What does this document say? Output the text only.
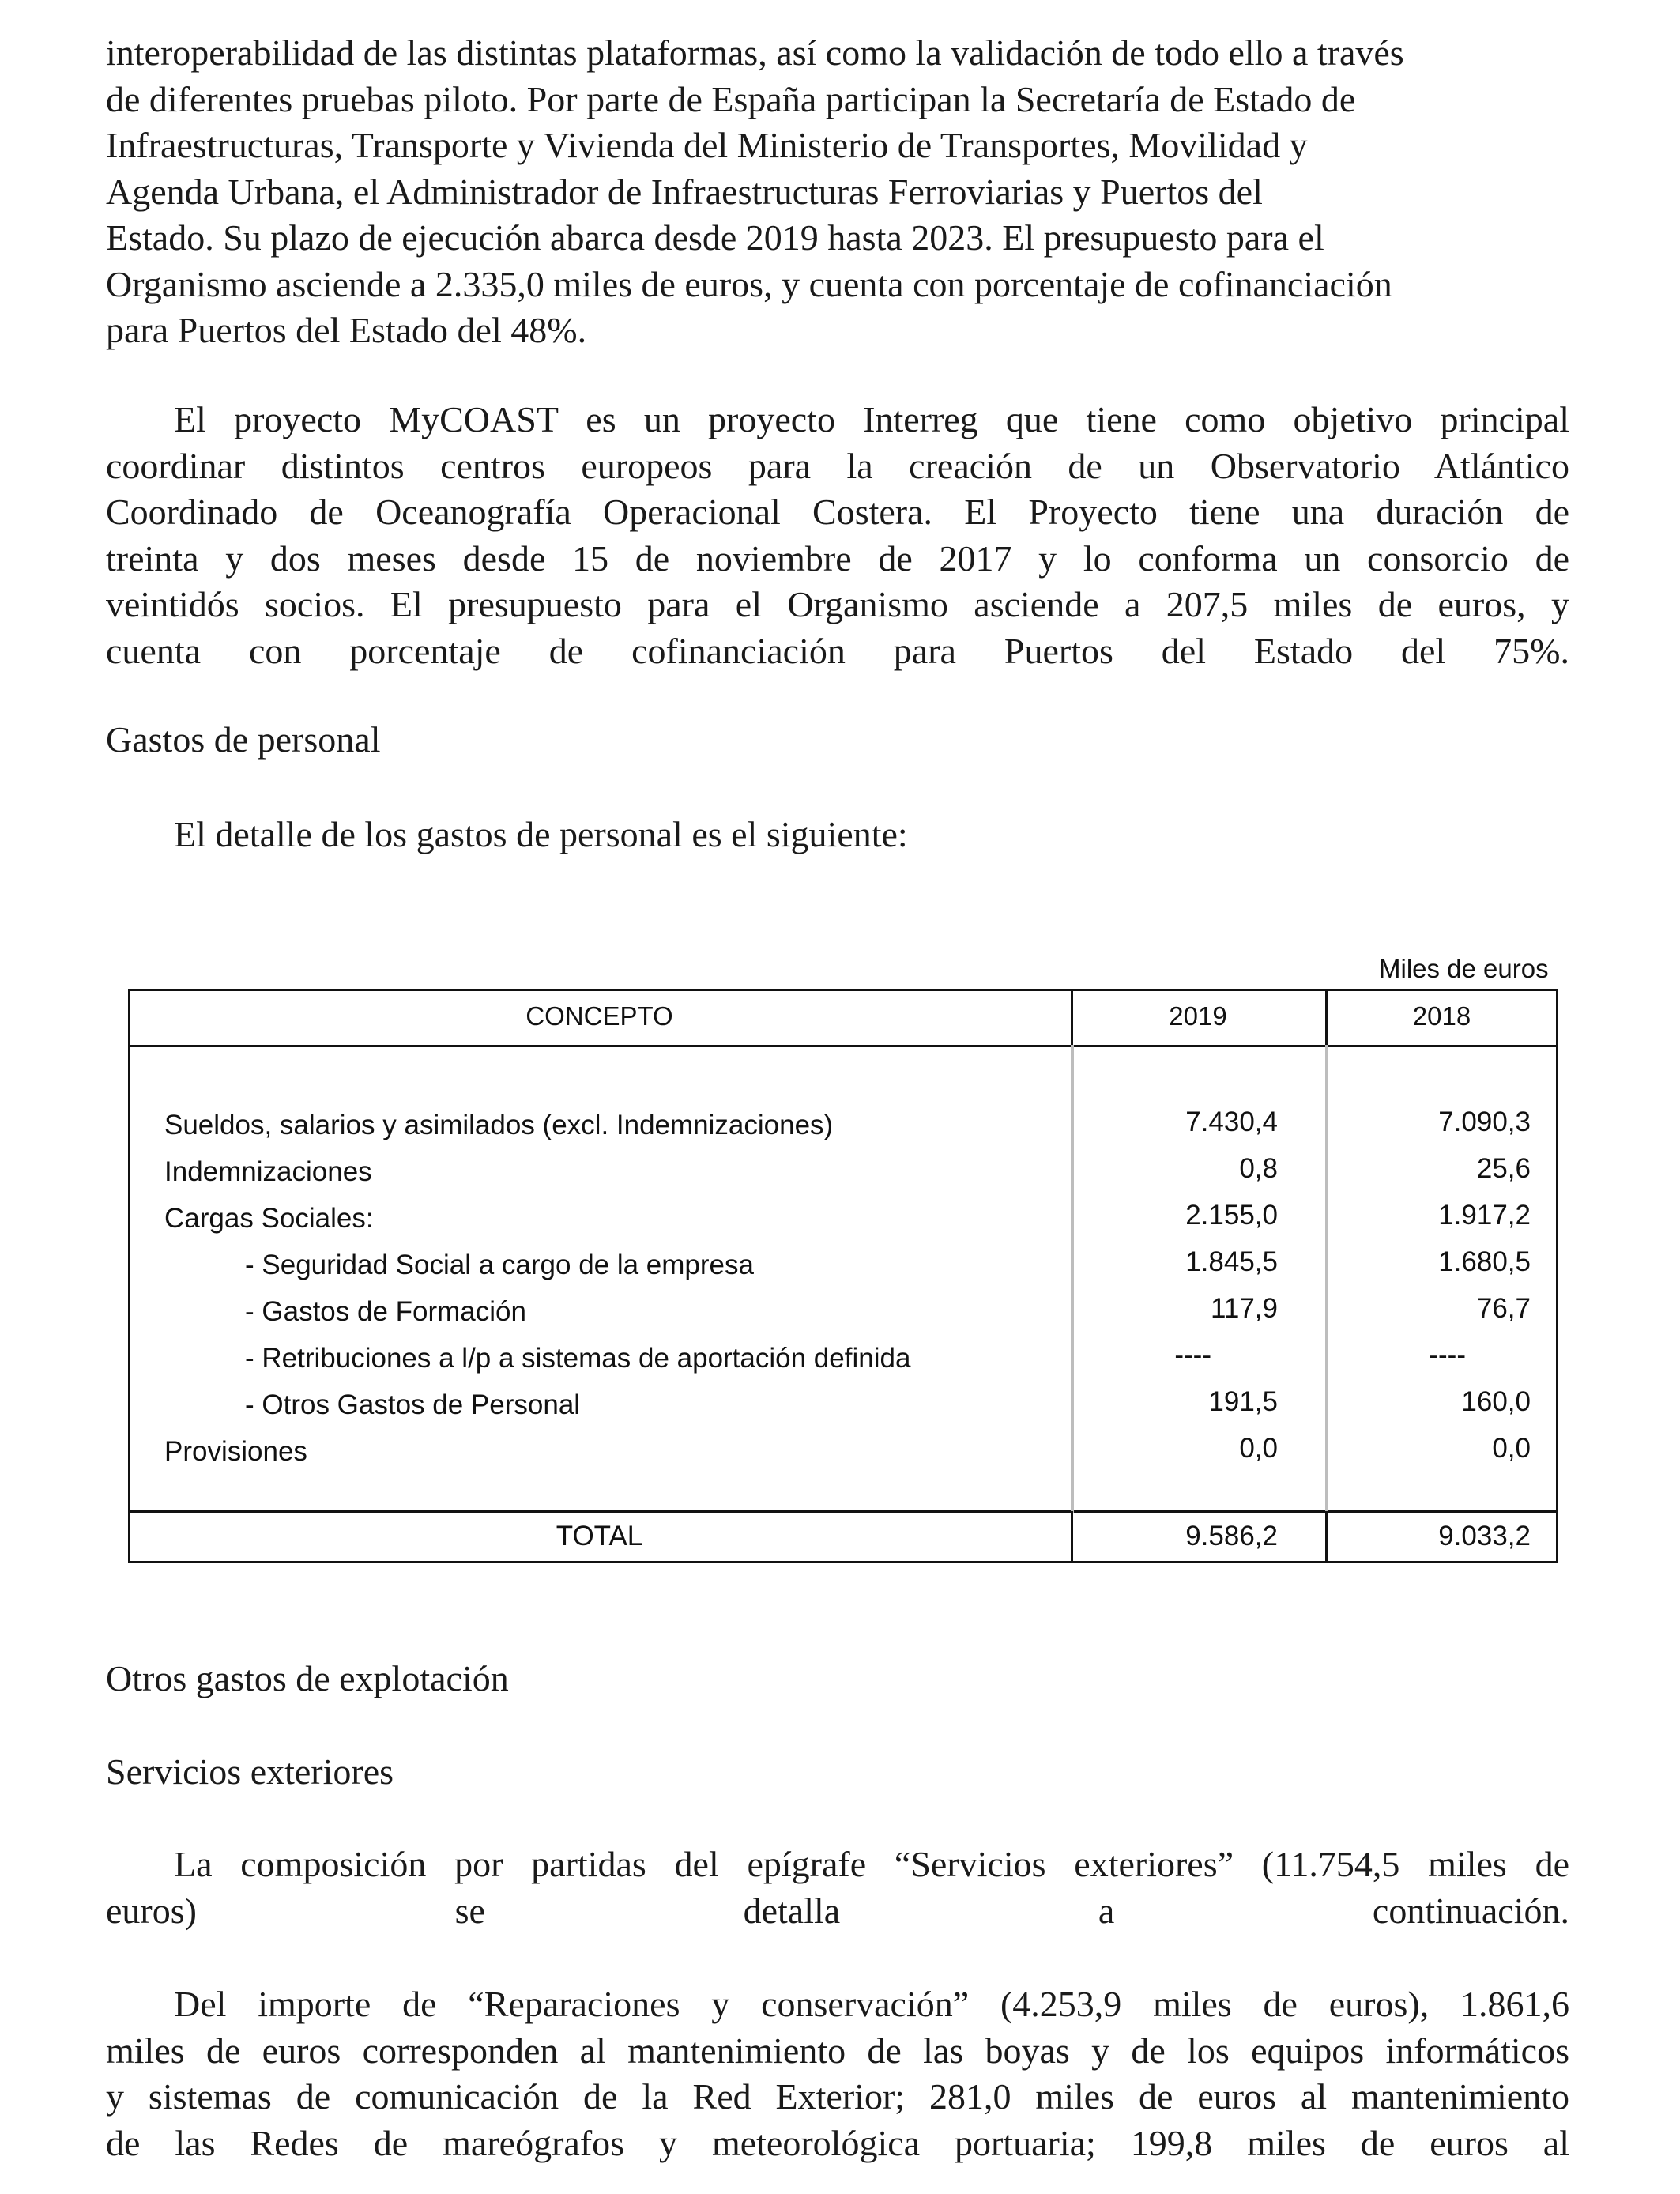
interoperabilidad de las distintas plataformas, así como la validación de todo ello a través
de diferentes pruebas piloto. Por parte de España participan la Secretaría de Estado de
Infraestructuras, Transporte y Vivienda del Ministerio de Transportes, Movilidad y
Agenda Urbana, el Administrador de Infraestructuras Ferroviarias y Puertos del
Estado. Su plazo de ejecución abarca desde 2019 hasta 2023. El presupuesto para el
Organismo asciende a 2.335,0 miles de euros, y cuenta con porcentaje de cofinanciación
para Puertos del Estado del 48%.
El proyecto MyCOAST es un proyecto Interreg que tiene como objetivo principal
coordinar distintos centros europeos para la creación de un Observatorio Atlántico
Coordinado de Oceanografía Operacional Costera. El Proyecto tiene una duración de
treinta y dos meses desde 15 de noviembre de 2017 y lo conforma un consorcio de
veintidós socios. El presupuesto para el Organismo asciende a 207,5 miles de euros, y
cuenta con porcentaje de cofinanciación para Puertos del Estado del 75%.
Gastos de personal
El detalle de los gastos de personal es el siguiente:
Miles de euros
CONCEPTO	2019	2018
Sueldos, salarios y asimilados (excl. Indemnizaciones)	7.430,4	7.090,3
Indemnizaciones	0,8	25,6
Cargas Sociales:	2.155,0	1.917,2
- Seguridad Social a cargo de la empresa	1.845,5	1.680,5
- Gastos de Formación	117,9	76,7
- Retribuciones a l/p a sistemas de aportación definida	----	----
- Otros Gastos de Personal	191,5	160,0
Provisiones	0,0	0,0
TOTAL	9.586,2	9.033,2
Otros gastos de explotación
Servicios exteriores
La composición por partidas del epígrafe “Servicios exteriores” (11.754,5 miles de
euros) se detalla a continuación.
Del importe de “Reparaciones y conservación” (4.253,9 miles de euros), 1.861,6
miles de euros corresponden al mantenimiento de las boyas y de los equipos informáticos
y sistemas de comunicación de la Red Exterior; 281,0 miles de euros al mantenimiento
de las Redes de mareógrafos y meteorológica portuaria; 199,8 miles de euros al
